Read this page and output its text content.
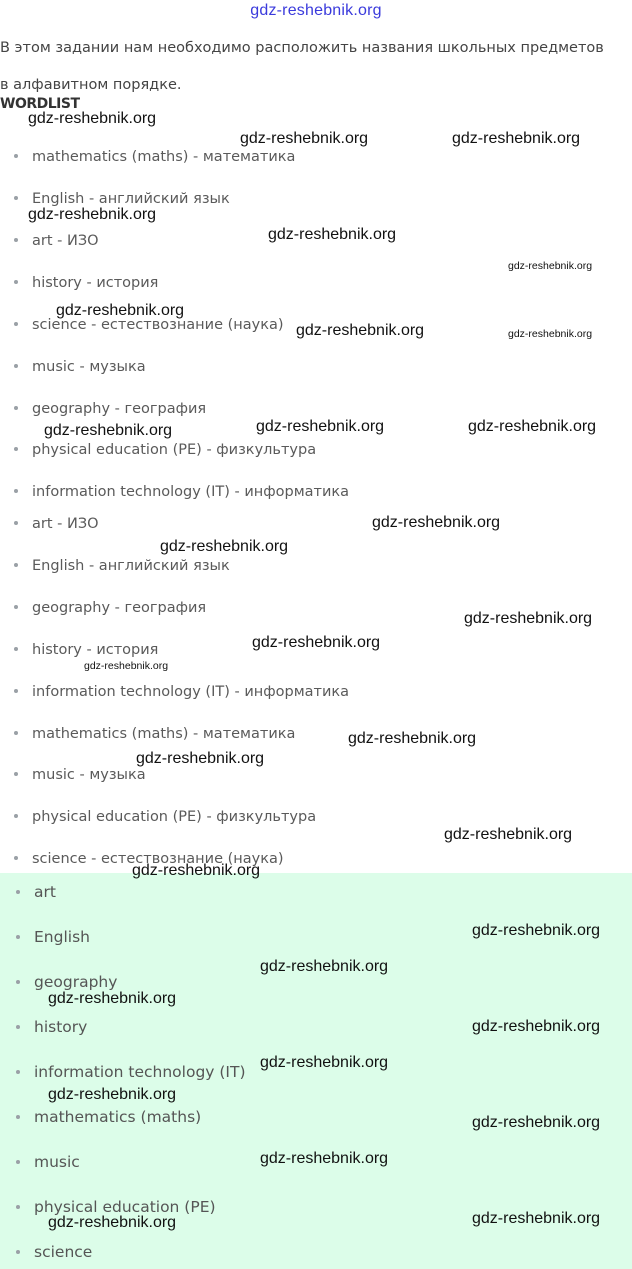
gdz-reshebnik.org

В этом задании нам необходимо расположить названия школьных предметов

в алфавитном порядке.

WORDLIST
mathematics (maths) - математика
English - английский язык
art - ИЗО
history - история
science - естествознание (наука)
music - музыка
geography - география
physical education (PE) - физкультура
information technology (IT) - информатика
art - ИЗО
English - английский язык
geography - география
history - история
information technology (IT) - информатика
mathematics (maths) - математика
music - музыка
physical education (PE) - физкультура
science - естествознание (наука)
art
English
geography
history
information technology (IT)
mathematics (maths)
music
physical education (PE)
science
gdz-reshebnik.org
gdz-reshebnik.org	gdz-reshebnik.org
gdz-reshebnik.org
gdz-reshebnik.org
gdz-reshebnik.org
gdz-reshebnik.org
gdz-reshebnik.org	gdz-reshebnik.org
gdz-reshebnik.org	gdz-reshebnik.org	gdz-reshebnik.org
gdz-reshebnik.org
gdz-reshebnik.org
gdz-reshebnik.org
gdz-reshebnik.org
gdz-reshebnik.org
gdz-reshebnik.org
gdz-reshebnik.org
gdz-reshebnik.org
gdz-reshebnik.org
gdz-reshebnik.org
gdz-reshebnik.org
gdz-reshebnik.org
gdz-reshebnik.org
gdz-reshebnik.org
gdz-reshebnik.org
gdz-reshebnik.org
gdz-reshebnik.org
gdz-reshebnik.org
gdz-reshebnik.org
